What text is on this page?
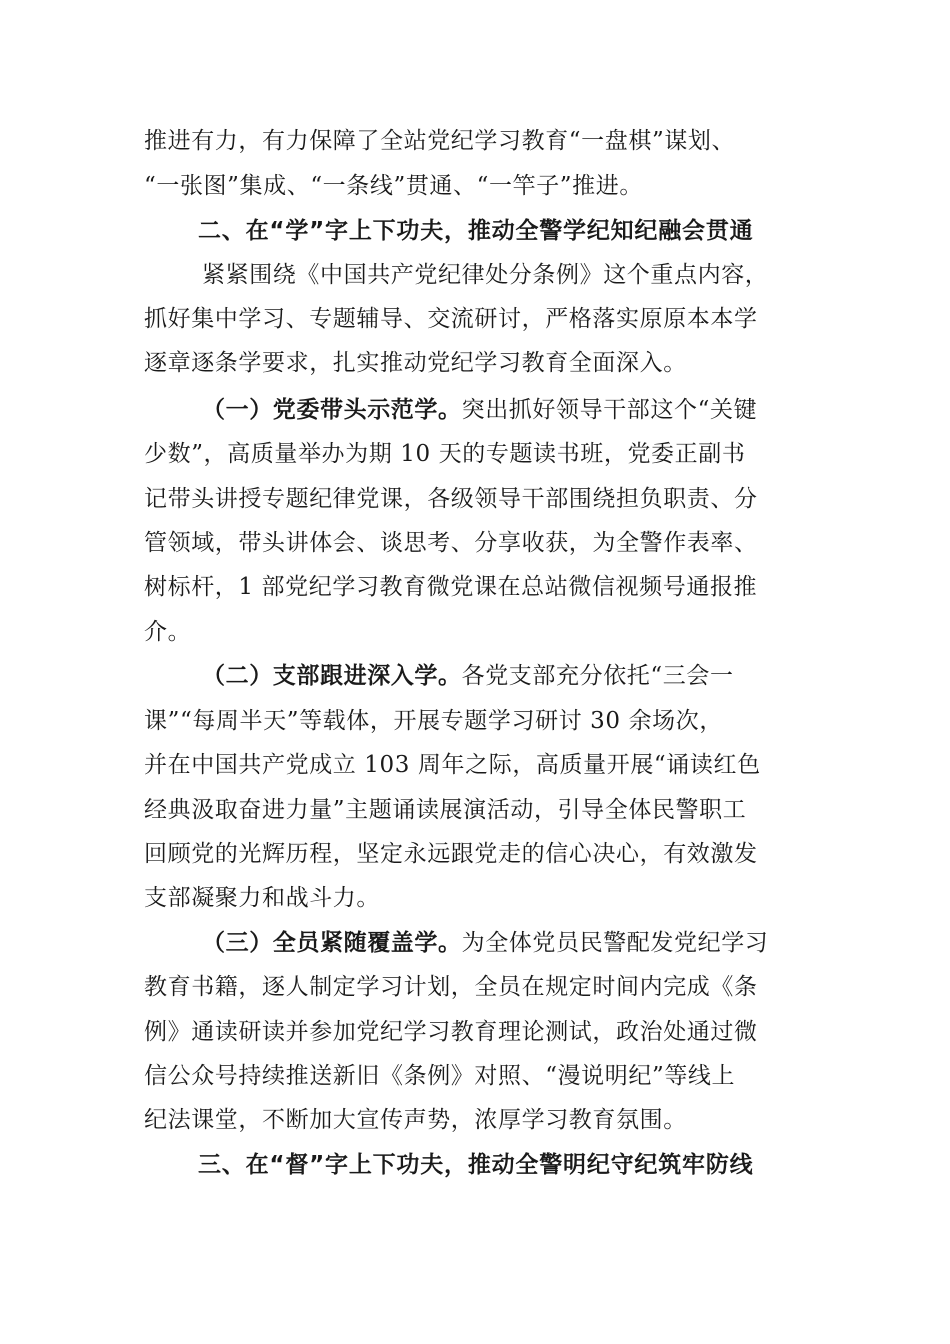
推进有力，有力保障了全站党纪学习教育“一盘棋”谋划、
“一张图”集成、“一条线”贯通、“一竿子”推进。
二、在“学”字上下功夫，推动全警学纪知纪融会贯通
紧紧围绕《中国共产党纪律处分条例》这个重点内容，
抓好集中学习、专题辅导、交流研讨，严格落实原原本本学
逐章逐条学要求，扎实推动党纪学习教育全面深入。
（一）党委带头示范学。突出抓好领导干部这个“关键
少数”，高质量举办为期 10 天的专题读书班，党委正副书
记带头讲授专题纪律党课，各级领导干部围绕担负职责、分
管领域，带头讲体会、谈思考、分享收获，为全警作表率、
树标杆，1 部党纪学习教育微党课在总站微信视频号通报推
介。
（二）支部跟进深入学。各党支部充分依托“三会一
课”“每周半天”等载体，开展专题学习研讨 30 余场次，
并在中国共产党成立 103 周年之际，高质量开展“诵读红色
经典汲取奋进力量”主题诵读展演活动，引导全体民警职工
回顾党的光辉历程，坚定永远跟党走的信心决心，有效激发
支部凝聚力和战斗力。
（三）全员紧随覆盖学。为全体党员民警配发党纪学习
教育书籍，逐人制定学习计划，全员在规定时间内完成《条
例》通读研读并参加党纪学习教育理论测试，政治处通过微
信公众号持续推送新旧《条例》对照、“漫说明纪”等线上
纪法课堂，不断加大宣传声势，浓厚学习教育氛围。
三、在“督”字上下功夫，推动全警明纪守纪筑牢防线
